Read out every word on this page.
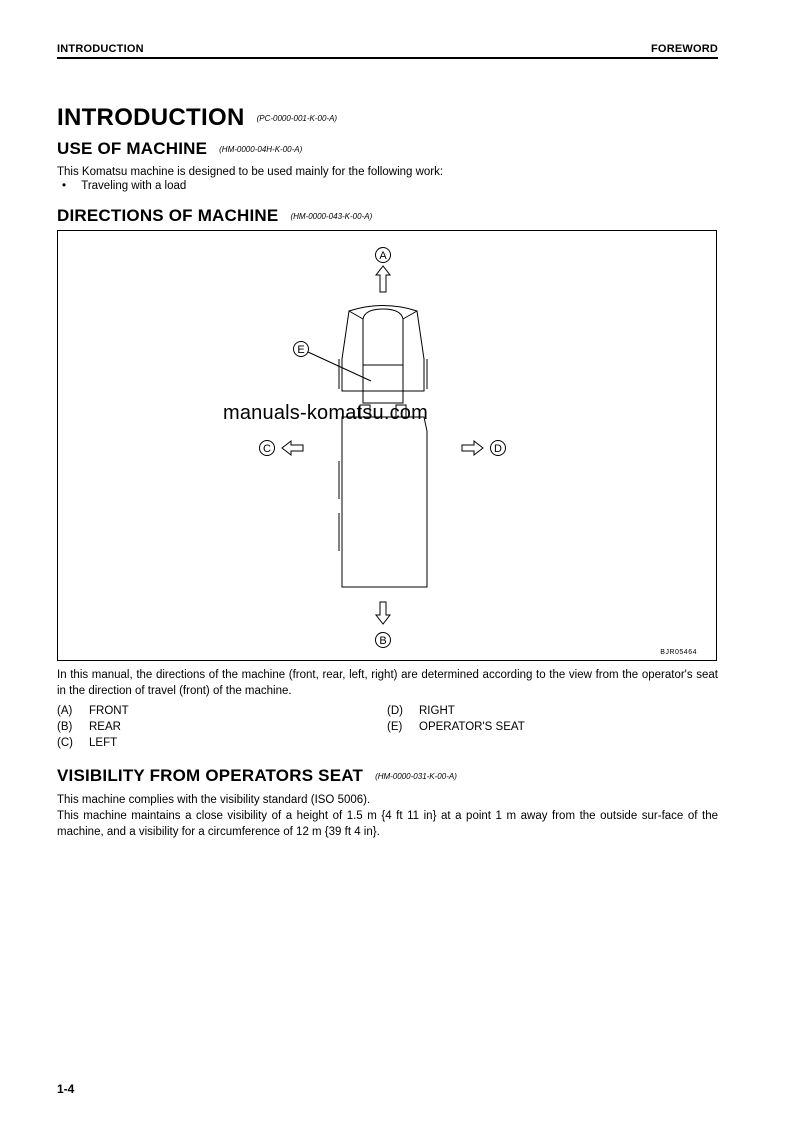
INTRODUCTION	FOREWORD
INTRODUCTION (PC-0000-001-K-00-A)
USE OF MACHINE (HM-0000-04H-K-00-A)
This Komatsu machine is designed to be used mainly for the following work:
• Traveling with a load
DIRECTIONS OF MACHINE (HM-0000-043-K-00-A)
A
B
C	D
E
manuals-komatsu.com
BJR05464
In this manual, the directions of the machine (front, rear, left, right) are determined according to the view from the operator's seat in the direction of travel (front) of the machine.
(A) FRONT
(B) REAR
(C) LEFT
(D) RIGHT
(E) OPERATOR'S SEAT
VISIBILITY FROM OPERATORS SEAT (HM-0000-031-K-00-A)
This machine complies with the visibility standard (ISO 5006).
This machine maintains a close visibility of a height of 1.5 m {4 ft 11 in} at a point 1 m away from the outside sur-face of the machine, and a visibility for a circumference of 12 m {39 ft 4 in}.
1-4
